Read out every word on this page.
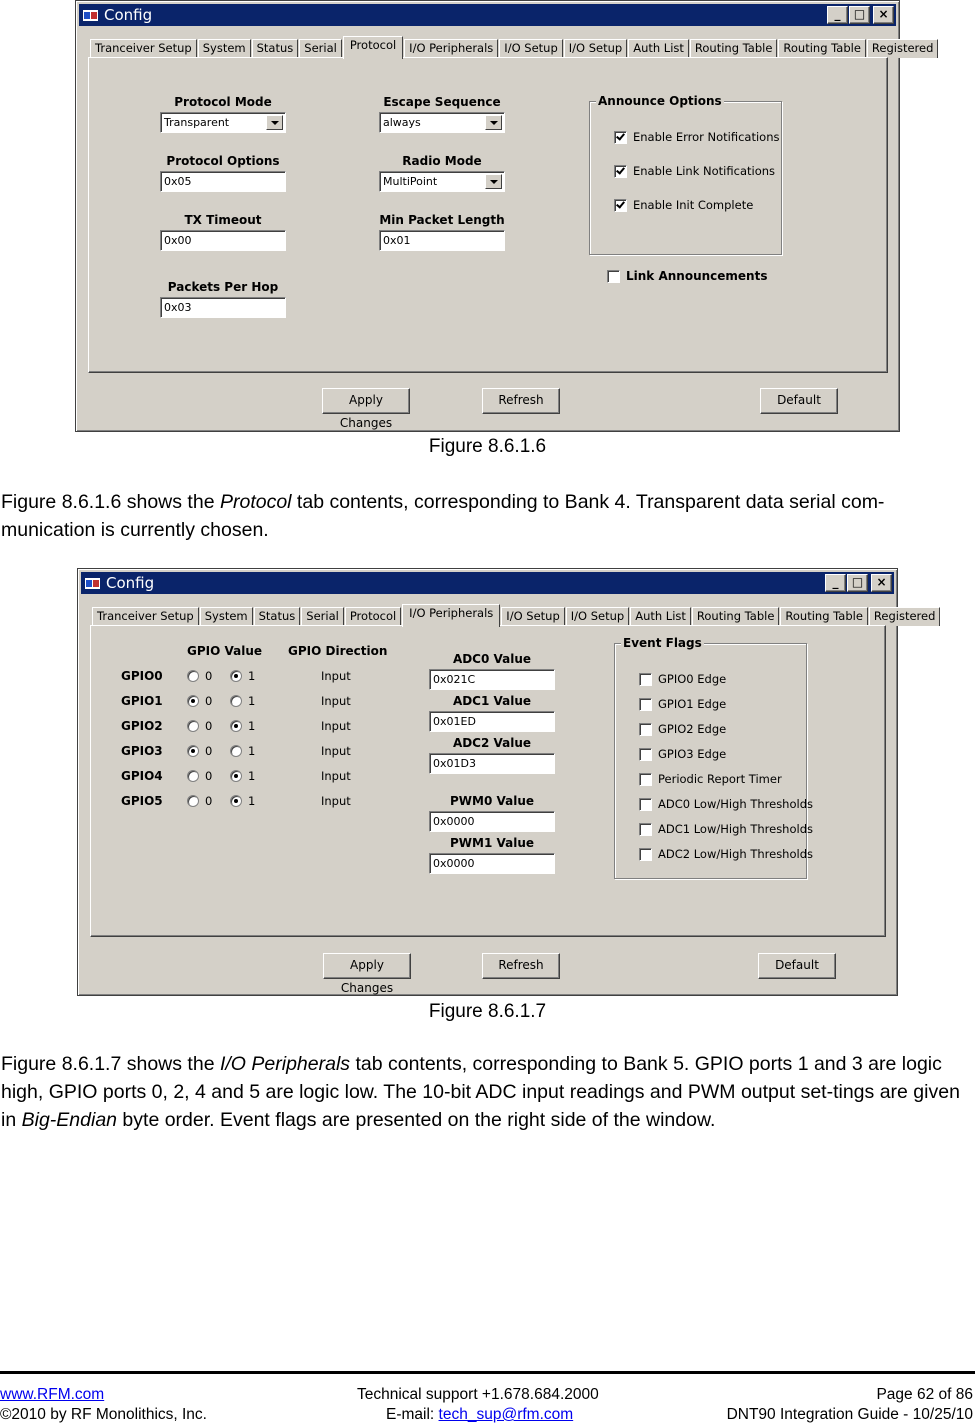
Config	_	□	×
Tranceiver Setup System Status Serial	Protocol	I/O Peripherals I/O Setup I/O Setup Auth List Routing Table Routing Table Registered
Protocol Mode
Transparent
Protocol Options
0x05
TX Timeout
0x00
Packets Per Hop
0x03
Escape Sequence
always
Radio Mode
MultiPoint
Min Packet Length
0x01
Announce Options
Enable Error Notifications
Enable Link Notifications
Enable Init Complete
Link Announcements
Apply Changes
Refresh	Default
Figure 8.6.1.6
Figure 8.6.1.6 shows the Protocol tab contents, corresponding to Bank 4. Transparent data serial com-munication is currently chosen.
Config	_	□	×
Tranceiver Setup System Status Serial Protocol	I/O Peripherals	I/O Setup I/O Setup Auth List Routing Table Routing Table Registered
GPIO Value GPIO Direction
GPIO0	0	1	Input
GPIO1	0	1	Input
GPIO2	0	1	Input
GPIO3	0	1	Input
GPIO4	0	1	Input
GPIO5	0	1	Input
ADC0 Value
0x021C
ADC1 Value
0x01ED
ADC2 Value
0x01D3
PWM0 Value
0x0000
PWM1 Value
0x0000
Event Flags
GPIO0 Edge
GPIO1 Edge
GPIO2 Edge
GPIO3 Edge
Periodic Report Timer
ADC0 Low/High Thresholds
ADC1 Low/High Thresholds
ADC2 Low/High Thresholds
Apply Changes
Refresh	Default
Figure 8.6.1.7
Figure 8.6.1.7 shows the I/O Peripherals tab contents, corresponding to Bank 5. GPIO ports 1 and 3 are logic high, GPIO ports 0, 2, 4 and 5 are logic low. The 10-bit ADC input readings and PWM output set-tings are given in Big-Endian byte order. Event flags are presented on the right side of the window.
www.RFM.com
©2010 by RF Monolithics, Inc.
Technical support +1.678.684.2000
E-mail: tech_sup@rfm.com
Page 62 of 86
DNT90 Integration Guide - 10/25/10
